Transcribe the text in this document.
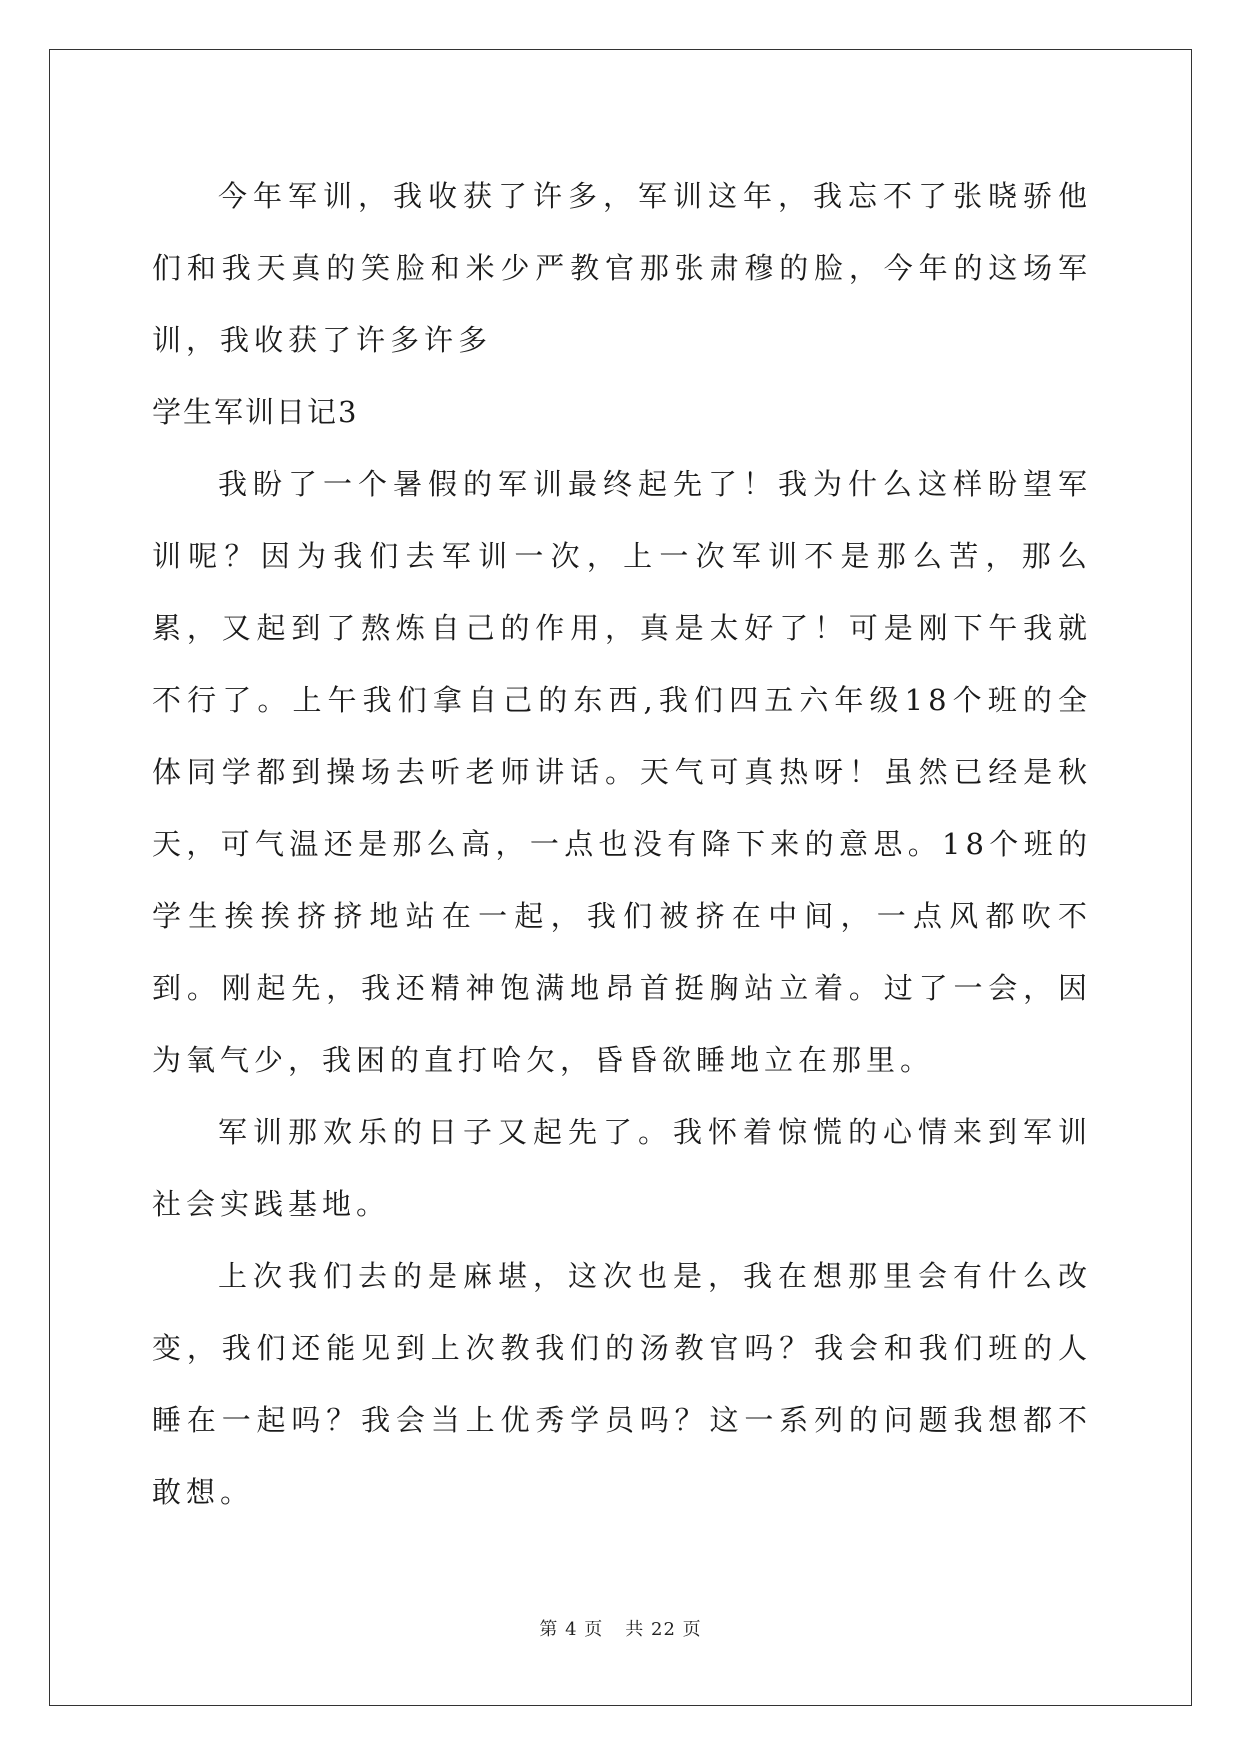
今年军训，我收获了许多，军训这年，我忘不了张晓骄他们和我天真的笑脸和米少严教官那张肃穆的脸，今年的这场军训，我收获了许多许多

学生军训日记3

我盼了一个暑假的军训最终起先了！我为什么这样盼望军训呢？因为我们去军训一次，上一次军训不是那么苦，那么累，又起到了熬炼自己的作用，真是太好了！可是刚下午我就不行了。上午我们拿自己的东西,我们四五六年级18个班的全体同学都到操场去听老师讲话。天气可真热呀！虽然已经是秋天，可气温还是那么高，一点也没有降下来的意思。18个班的学生挨挨挤挤地站在一起，我们被挤在中间，一点风都吹不到。刚起先，我还精神饱满地昂首挺胸站立着。过了一会，因为氧气少，我困的直打哈欠，昏昏欲睡地立在那里。

军训那欢乐的日子又起先了。我怀着惊慌的心情来到军训社会实践基地。

上次我们去的是麻堪，这次也是，我在想那里会有什么改变，我们还能见到上次教我们的汤教官吗？我会和我们班的人睡在一起吗？我会当上优秀学员吗？这一系列的问题我想都不敢想。

第 4 页 共 22 页
